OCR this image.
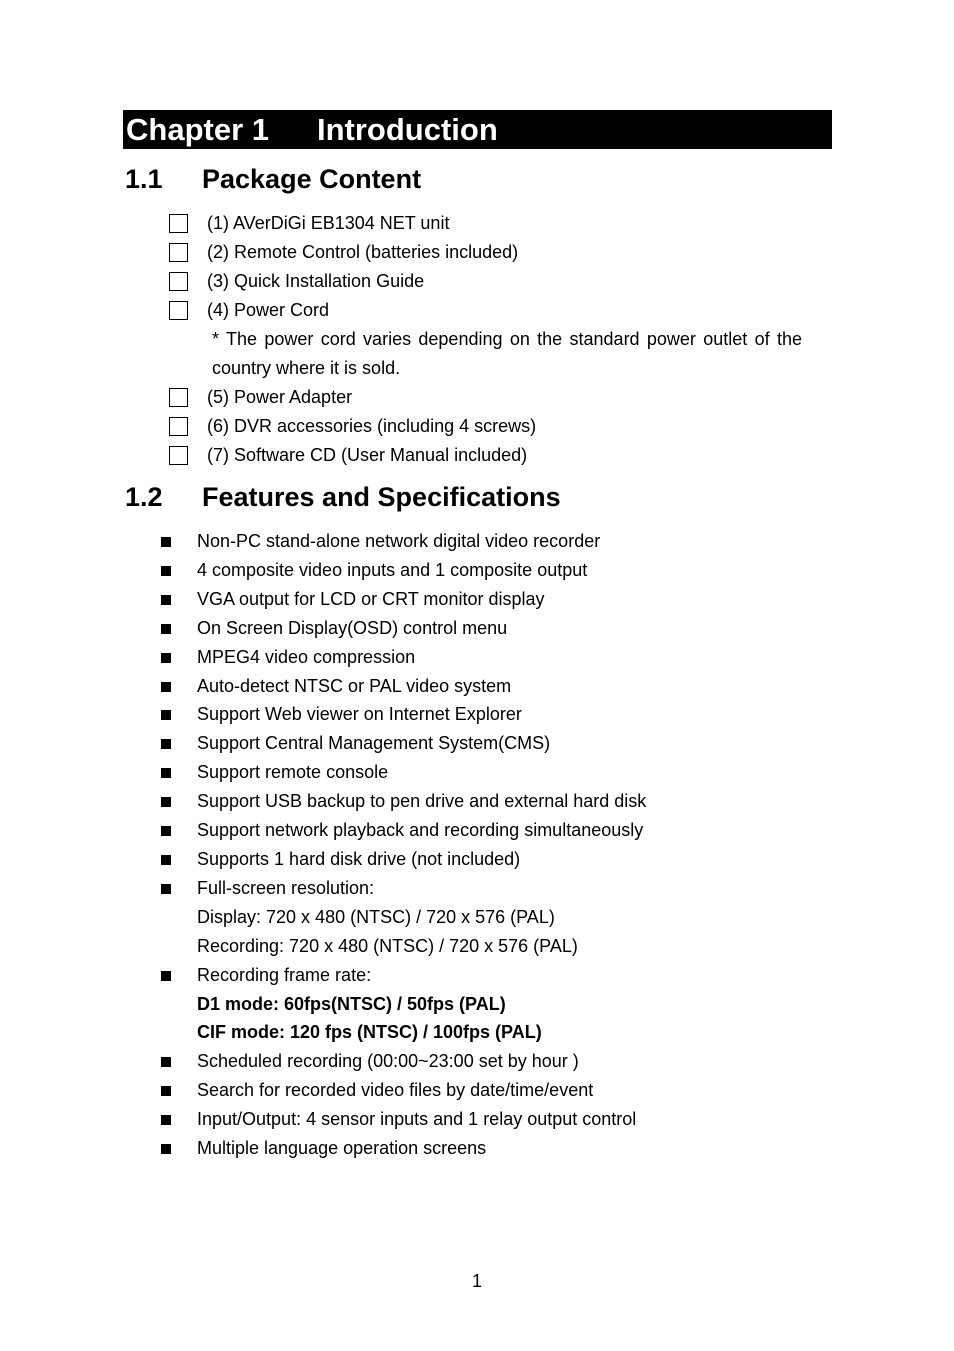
Chapter 1 Introduction
1.1 Package Content
(1) AVerDiGi EB1304 NET unit
(2) Remote Control (batteries included)
(3) Quick Installation Guide
(4) Power Cord
* The power cord varies depending on the standard power outlet of the country where it is sold.
(5) Power Adapter
(6) DVR accessories (including 4 screws)
(7) Software CD (User Manual included)
1.2 Features and Specifications
Non-PC stand-alone network digital video recorder
4 composite video inputs and 1 composite output
VGA output for LCD or CRT monitor display
On Screen Display(OSD) control menu
MPEG4 video compression
Auto-detect NTSC or PAL video system
Support Web viewer on Internet Explorer
Support Central Management System(CMS)
Support remote console
Support USB backup to pen drive and external hard disk
Support network playback and recording simultaneously
Supports 1 hard disk drive (not included)
Full-screen resolution:
Display: 720 x 480 (NTSC) / 720 x 576 (PAL)
Recording: 720 x 480 (NTSC) / 720 x 576 (PAL)
Recording frame rate:
D1 mode: 60fps(NTSC) / 50fps (PAL)
CIF mode: 120 fps (NTSC) / 100fps (PAL)
Scheduled recording (00:00~23:00 set by hour )
Search for recorded video files by date/time/event
Input/Output: 4 sensor inputs and 1 relay output control
Multiple language operation screens
1
